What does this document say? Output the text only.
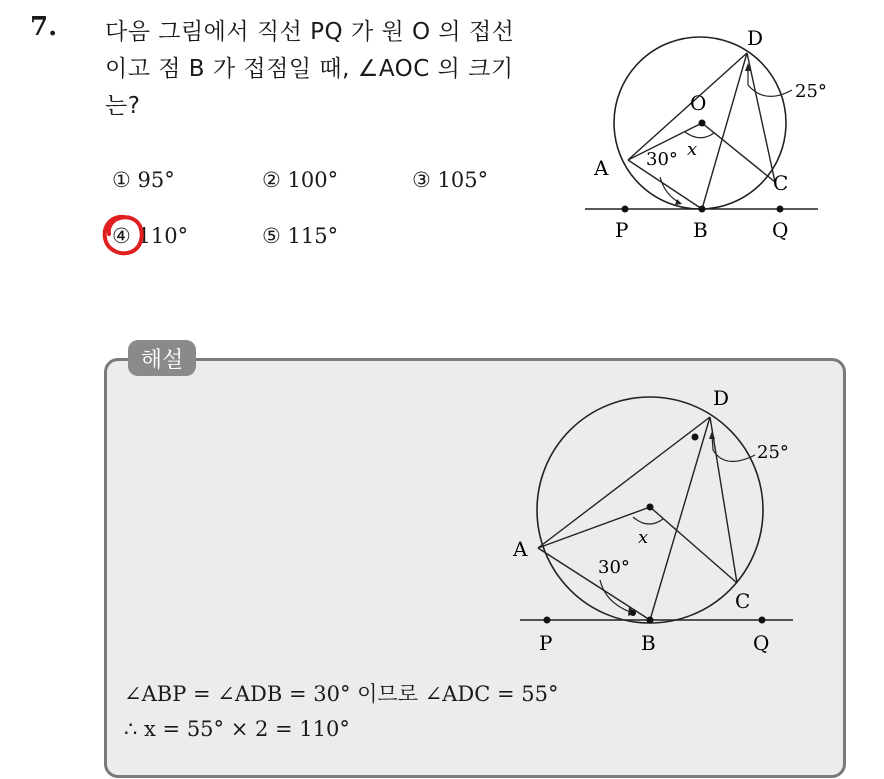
7. 다음 그림에서 직선 PQ 가 원 O 의 접선
이고 점 B 가 접점일 때, ∠AOC 의 크기
는?
① 95°	② 100°	③ 105°
④ 110°	⑤ 115°
D
O
A
C
P	B	Q
x
30°
25°
해설
D
A
C
P	B	Q
x
30°
25°
∠ABP = ∠ADB = 30° 이므로 ∠ADC = 55°
∴ x = 55° × 2 = 110°
